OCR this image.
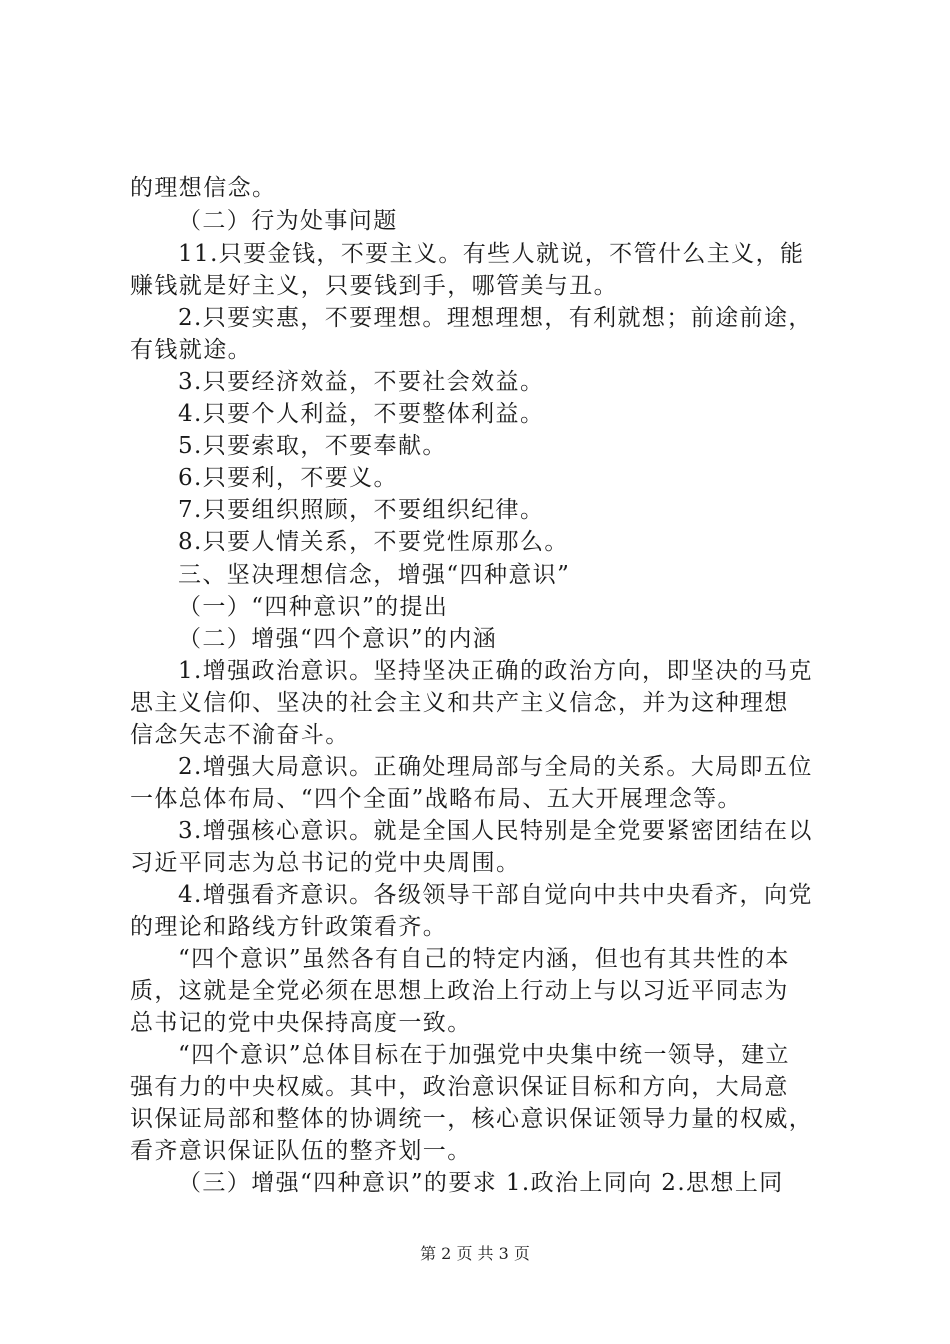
的理想信念。
（二）行为处事问题
11.只要金钱，不要主义。有些人就说，不管什么主义，能
赚钱就是好主义，只要钱到手，哪管美与丑。
2.只要实惠，不要理想。理想理想，有利就想；前途前途，
有钱就途。
3.只要经济效益，不要社会效益。
4.只要个人利益，不要整体利益。
5.只要索取，不要奉献。
6.只要利，不要义。
7.只要组织照顾，不要组织纪律。
8.只要人情关系，不要党性原那么。
三、坚决理想信念，增强“四种意识”
（一）“四种意识”的提出
（二）增强“四个意识”的内涵
1.增强政治意识。坚持坚决正确的政治方向，即坚决的马克
思主义信仰、坚决的社会主义和共产主义信念，并为这种理想
信念矢志不渝奋斗。
2.增强大局意识。正确处理局部与全局的关系。大局即五位
一体总体布局、“四个全面”战略布局、五大开展理念等。
3.增强核心意识。就是全国人民特别是全党要紧密团结在以
习近平同志为总书记的党中央周围。
4.增强看齐意识。各级领导干部自觉向中共中央看齐，向党
的理论和路线方针政策看齐。
“四个意识”虽然各有自己的特定内涵，但也有其共性的本
质，这就是全党必须在思想上政治上行动上与以习近平同志为
总书记的党中央保持高度一致。
“四个意识”总体目标在于加强党中央集中统一领导，建立
强有力的中央权威。其中，政治意识保证目标和方向，大局意
识保证局部和整体的协调统一，核心意识保证领导力量的权威，
看齐意识保证队伍的整齐划一。
（三）增强“四种意识”的要求 1.政治上同向 2.思想上同
第 2 页 共 3 页
